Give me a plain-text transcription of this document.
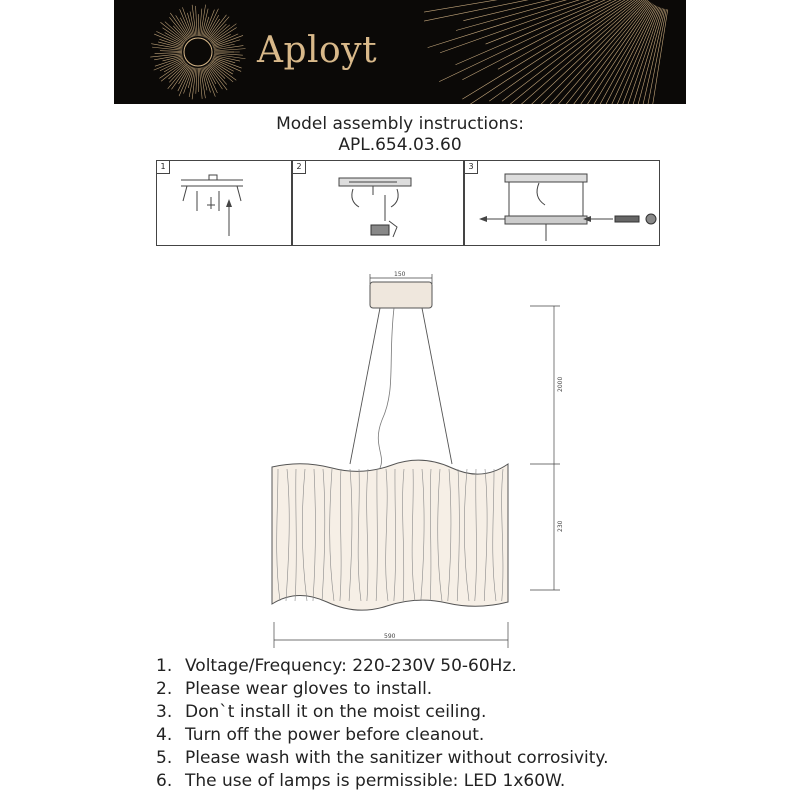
Aployt
Model assembly instructions:
APL.654.03.60
1	2	3
150
2000
230
590
1. Voltage/Frequency: 220-230V 50-60Hz.
2. Please wear gloves to install.
3. Don`t install it on the moist ceiling.
4. Turn off the power before cleanout.
5. Please wash with the sanitizer without corrosivity.
6. The use of lamps is permissible: LED 1x60W.
